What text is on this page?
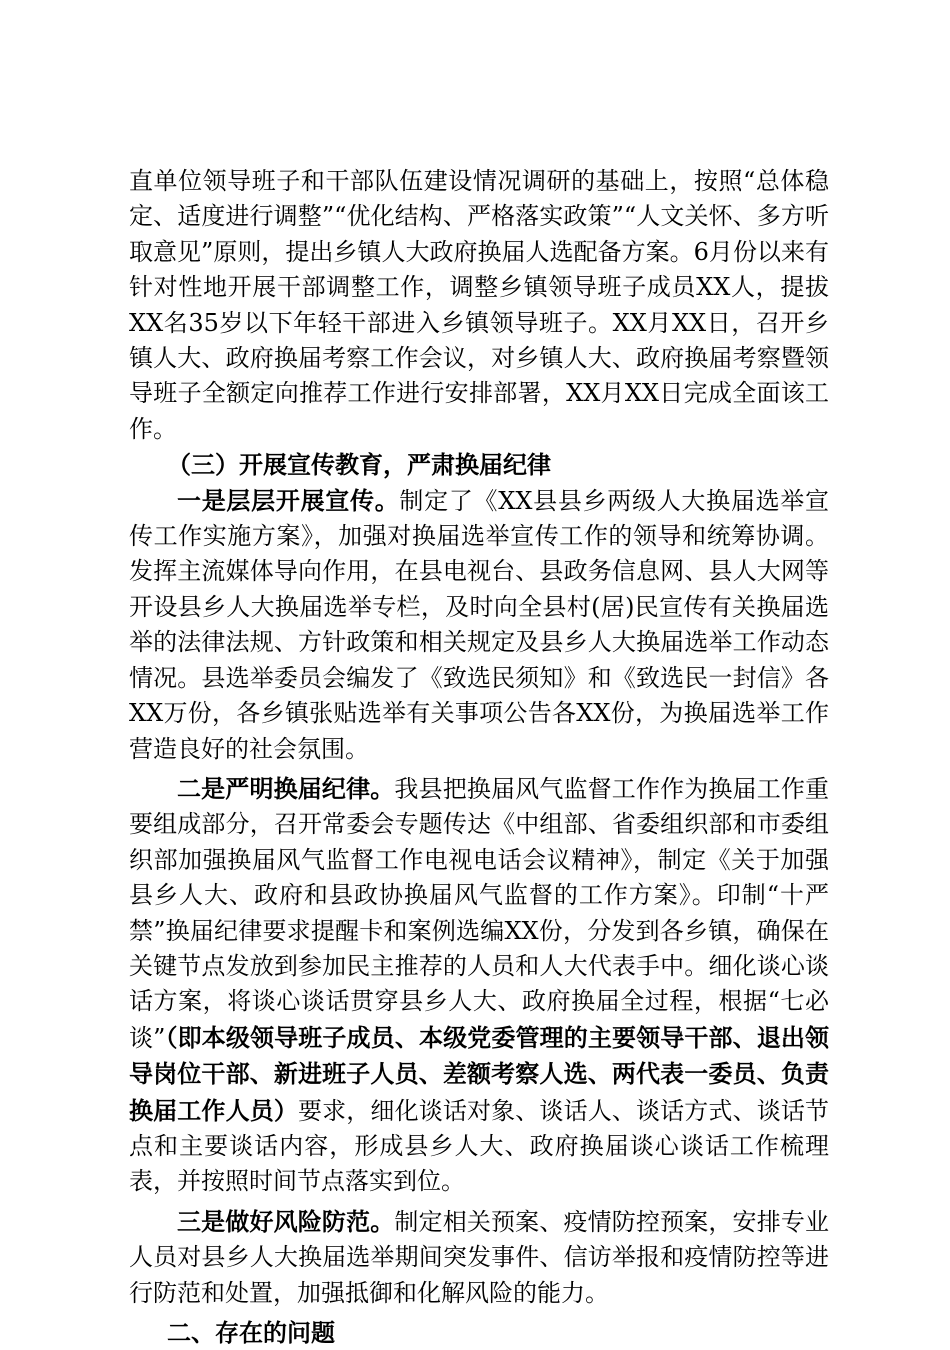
直单位领导班子和干部队伍建设情况调研的基础上，按照“总体稳定、适度进行调整”“优化结构、严格落实政策”“人文关怀、多方听取意见”原则，提出乡镇人大政府换届人选配备方案。6月份以来有针对性地开展干部调整工作，调整乡镇领导班子成员XX人，提拔XX名35岁以下年轻干部进入乡镇领导班子。XX月XX日，召开乡镇人大、政府换届考察工作会议，对乡镇人大、政府换届考察暨领导班子全额定向推荐工作进行安排部署，XX月XX日完成全面该工作。

（三）开展宣传教育，严肃换届纪律

一是层层开展宣传。制定了《XX县县乡两级人大换届选举宣传工作实施方案》，加强对换届选举宣传工作的领导和统筹协调。发挥主流媒体导向作用，在县电视台、县政务信息网、县人大网等开设县乡人大换届选举专栏，及时向全县村(居)民宣传有关换届选举的法律法规、方针政策和相关规定及县乡人大换届选举工作动态情况。县选举委员会编发了《致选民须知》和《致选民一封信》各XX万份，各乡镇张贴选举有关事项公告各XX份，为换届选举工作营造良好的社会氛围。

二是严明换届纪律。我县把换届风气监督工作作为换届工作重要组成部分，召开常委会专题传达《中组部、省委组织部和市委组织部加强换届风气监督工作电视电话会议精神》，制定《关于加强县乡人大、政府和县政协换届风气监督的工作方案》。印制“十严禁”换届纪律要求提醒卡和案例选编XX份，分发到各乡镇，确保在关键节点发放到参加民主推荐的人员和人大代表手中。细化谈心谈话方案，将谈心谈话贯穿县乡人大、政府换届全过程，根据“七必谈”（即本级领导班子成员、本级党委管理的主要领导干部、退出领导岗位干部、新进班子人员、差额考察人选、两代表一委员、负责换届工作人员）要求，细化谈话对象、谈话人、谈话方式、谈话节点和主要谈话内容，形成县乡人大、政府换届谈心谈话工作梳理表，并按照时间节点落实到位。

三是做好风险防范。制定相关预案、疫情防控预案，安排专业人员对县乡人大换届选举期间突发事件、信访举报和疫情防控等进行防范和处置，加强抵御和化解风险的能力。

二、存在的问题
